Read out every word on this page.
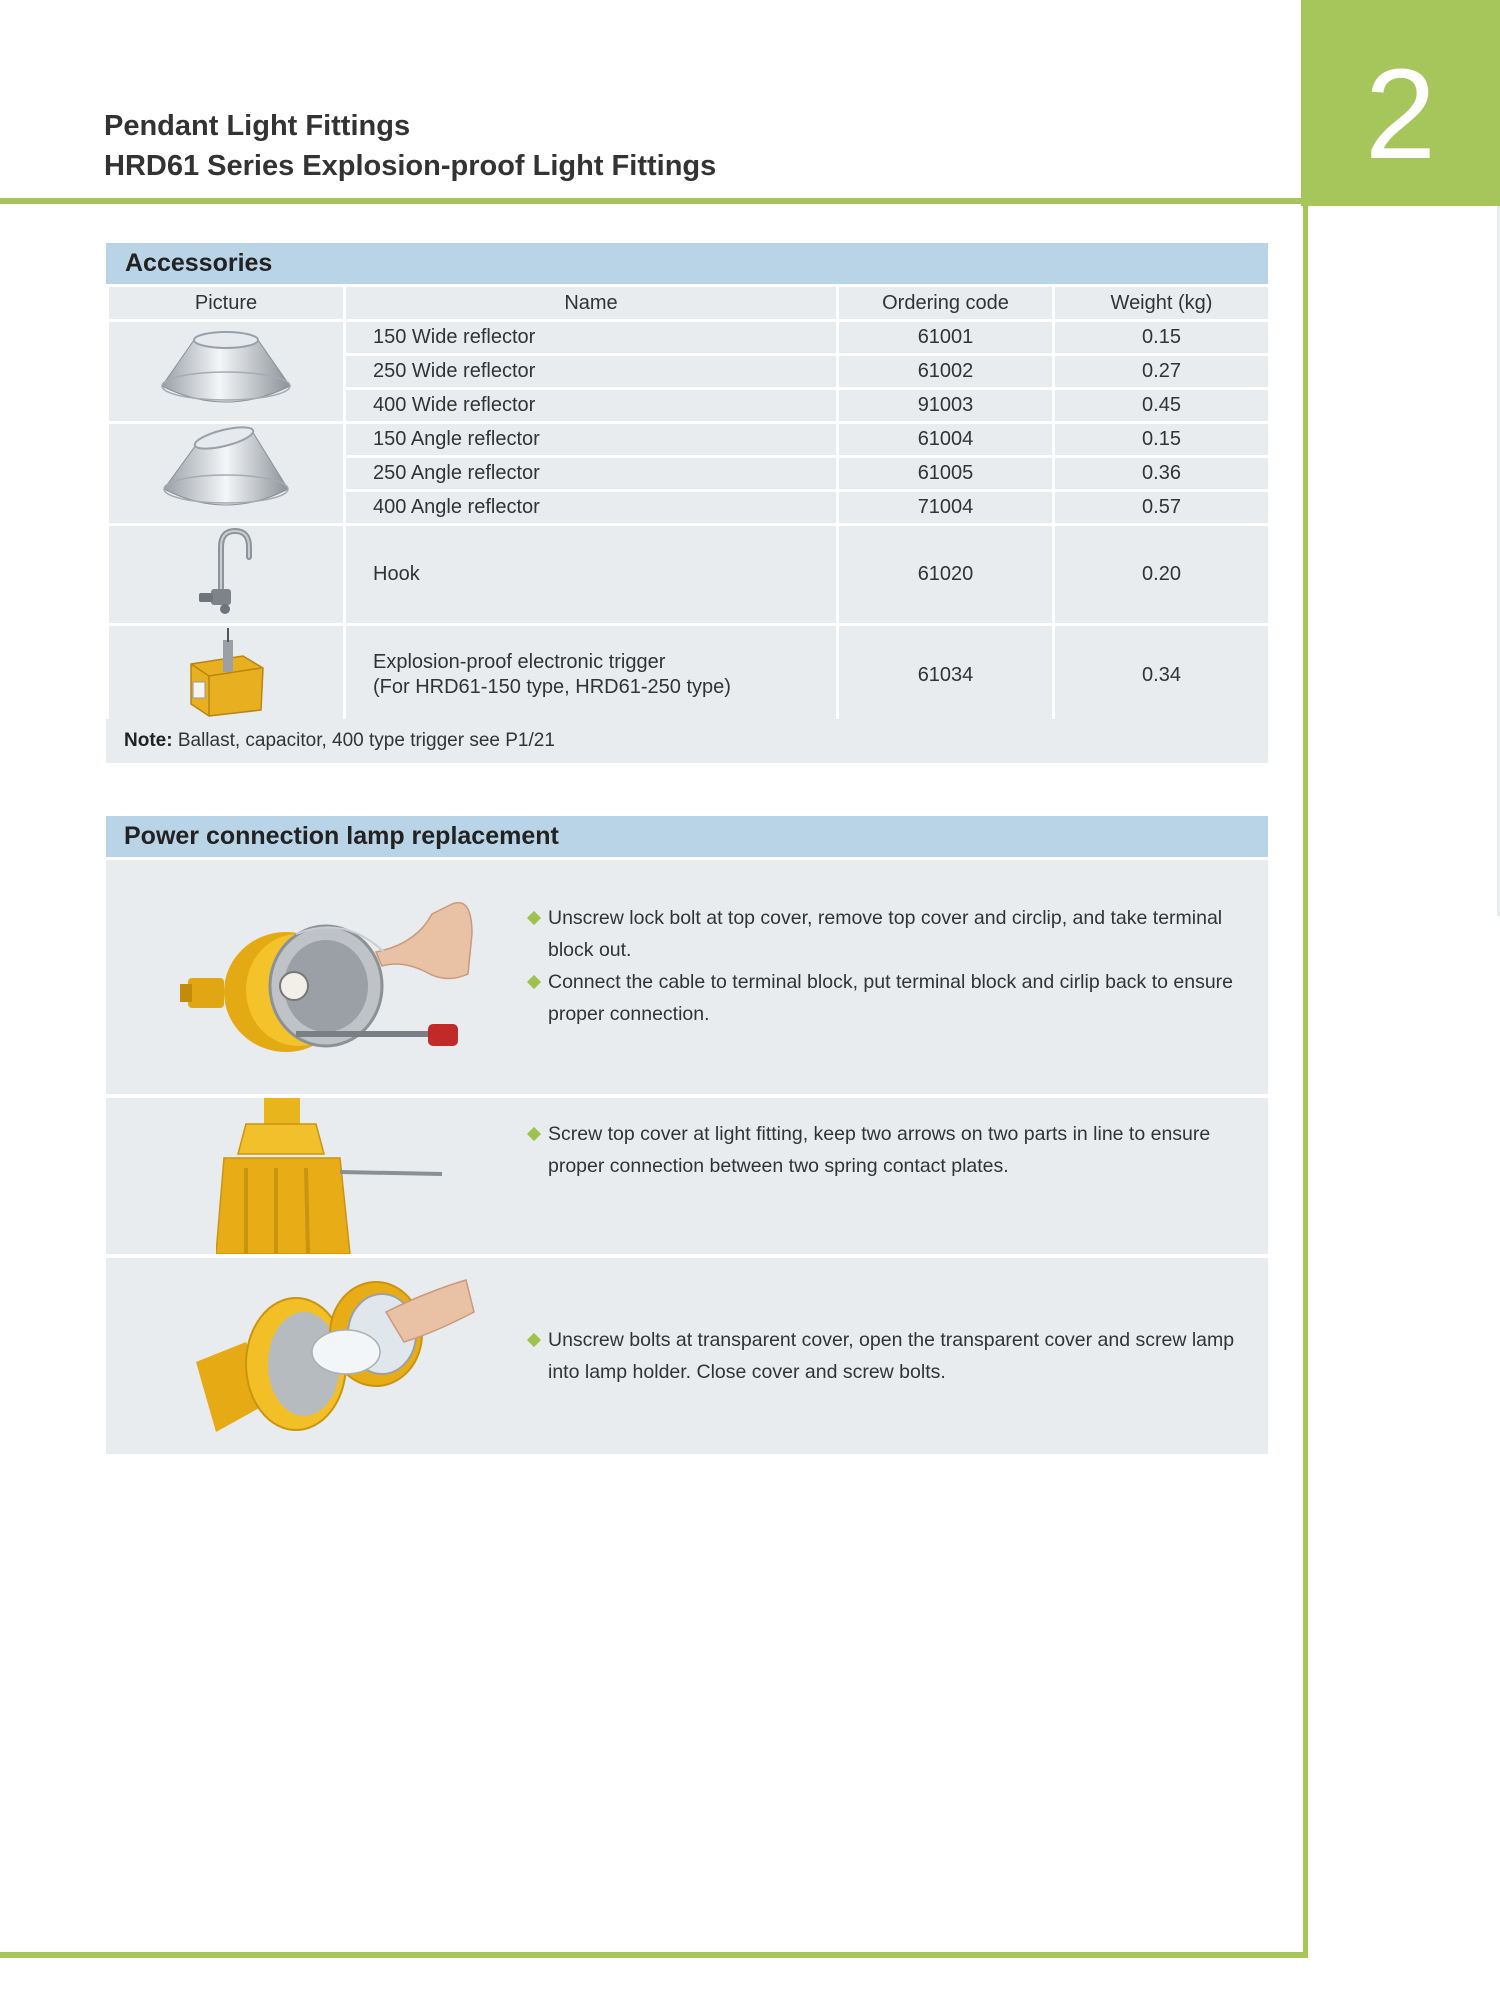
2
Pendant Light Fittings
HRD61 Series Explosion-proof Light Fittings
Accessories
Picture	Name	Ordering code	Weight (kg)
	150 Wide reflector	61001	0.15
	250 Wide reflector	61002	0.27
	400 Wide reflector	91003	0.45
	150 Angle reflector	61004	0.15
	250 Angle reflector	61005	0.36
	400 Angle reflector	71004	0.57
	Hook	61020	0.20

Explosion-proof electronic trigger
(For HRD61-150 type, HRD61-250 type)	61034	0.34
Note: Ballast, capacitor, 400 type trigger see P1/21
Power connection lamp replacement

Unscrew lock bolt at top cover, remove top cover and circlip, and take terminal block out.

Connect the cable to terminal block, put terminal block and cirlip back to ensure proper connection.

Screw top cover at light fitting, keep two arrows on two parts in line to ensure proper connection between two spring contact plates.

Unscrew bolts at transparent cover, open the transparent cover and screw lamp into lamp holder. Close cover and screw bolts.
